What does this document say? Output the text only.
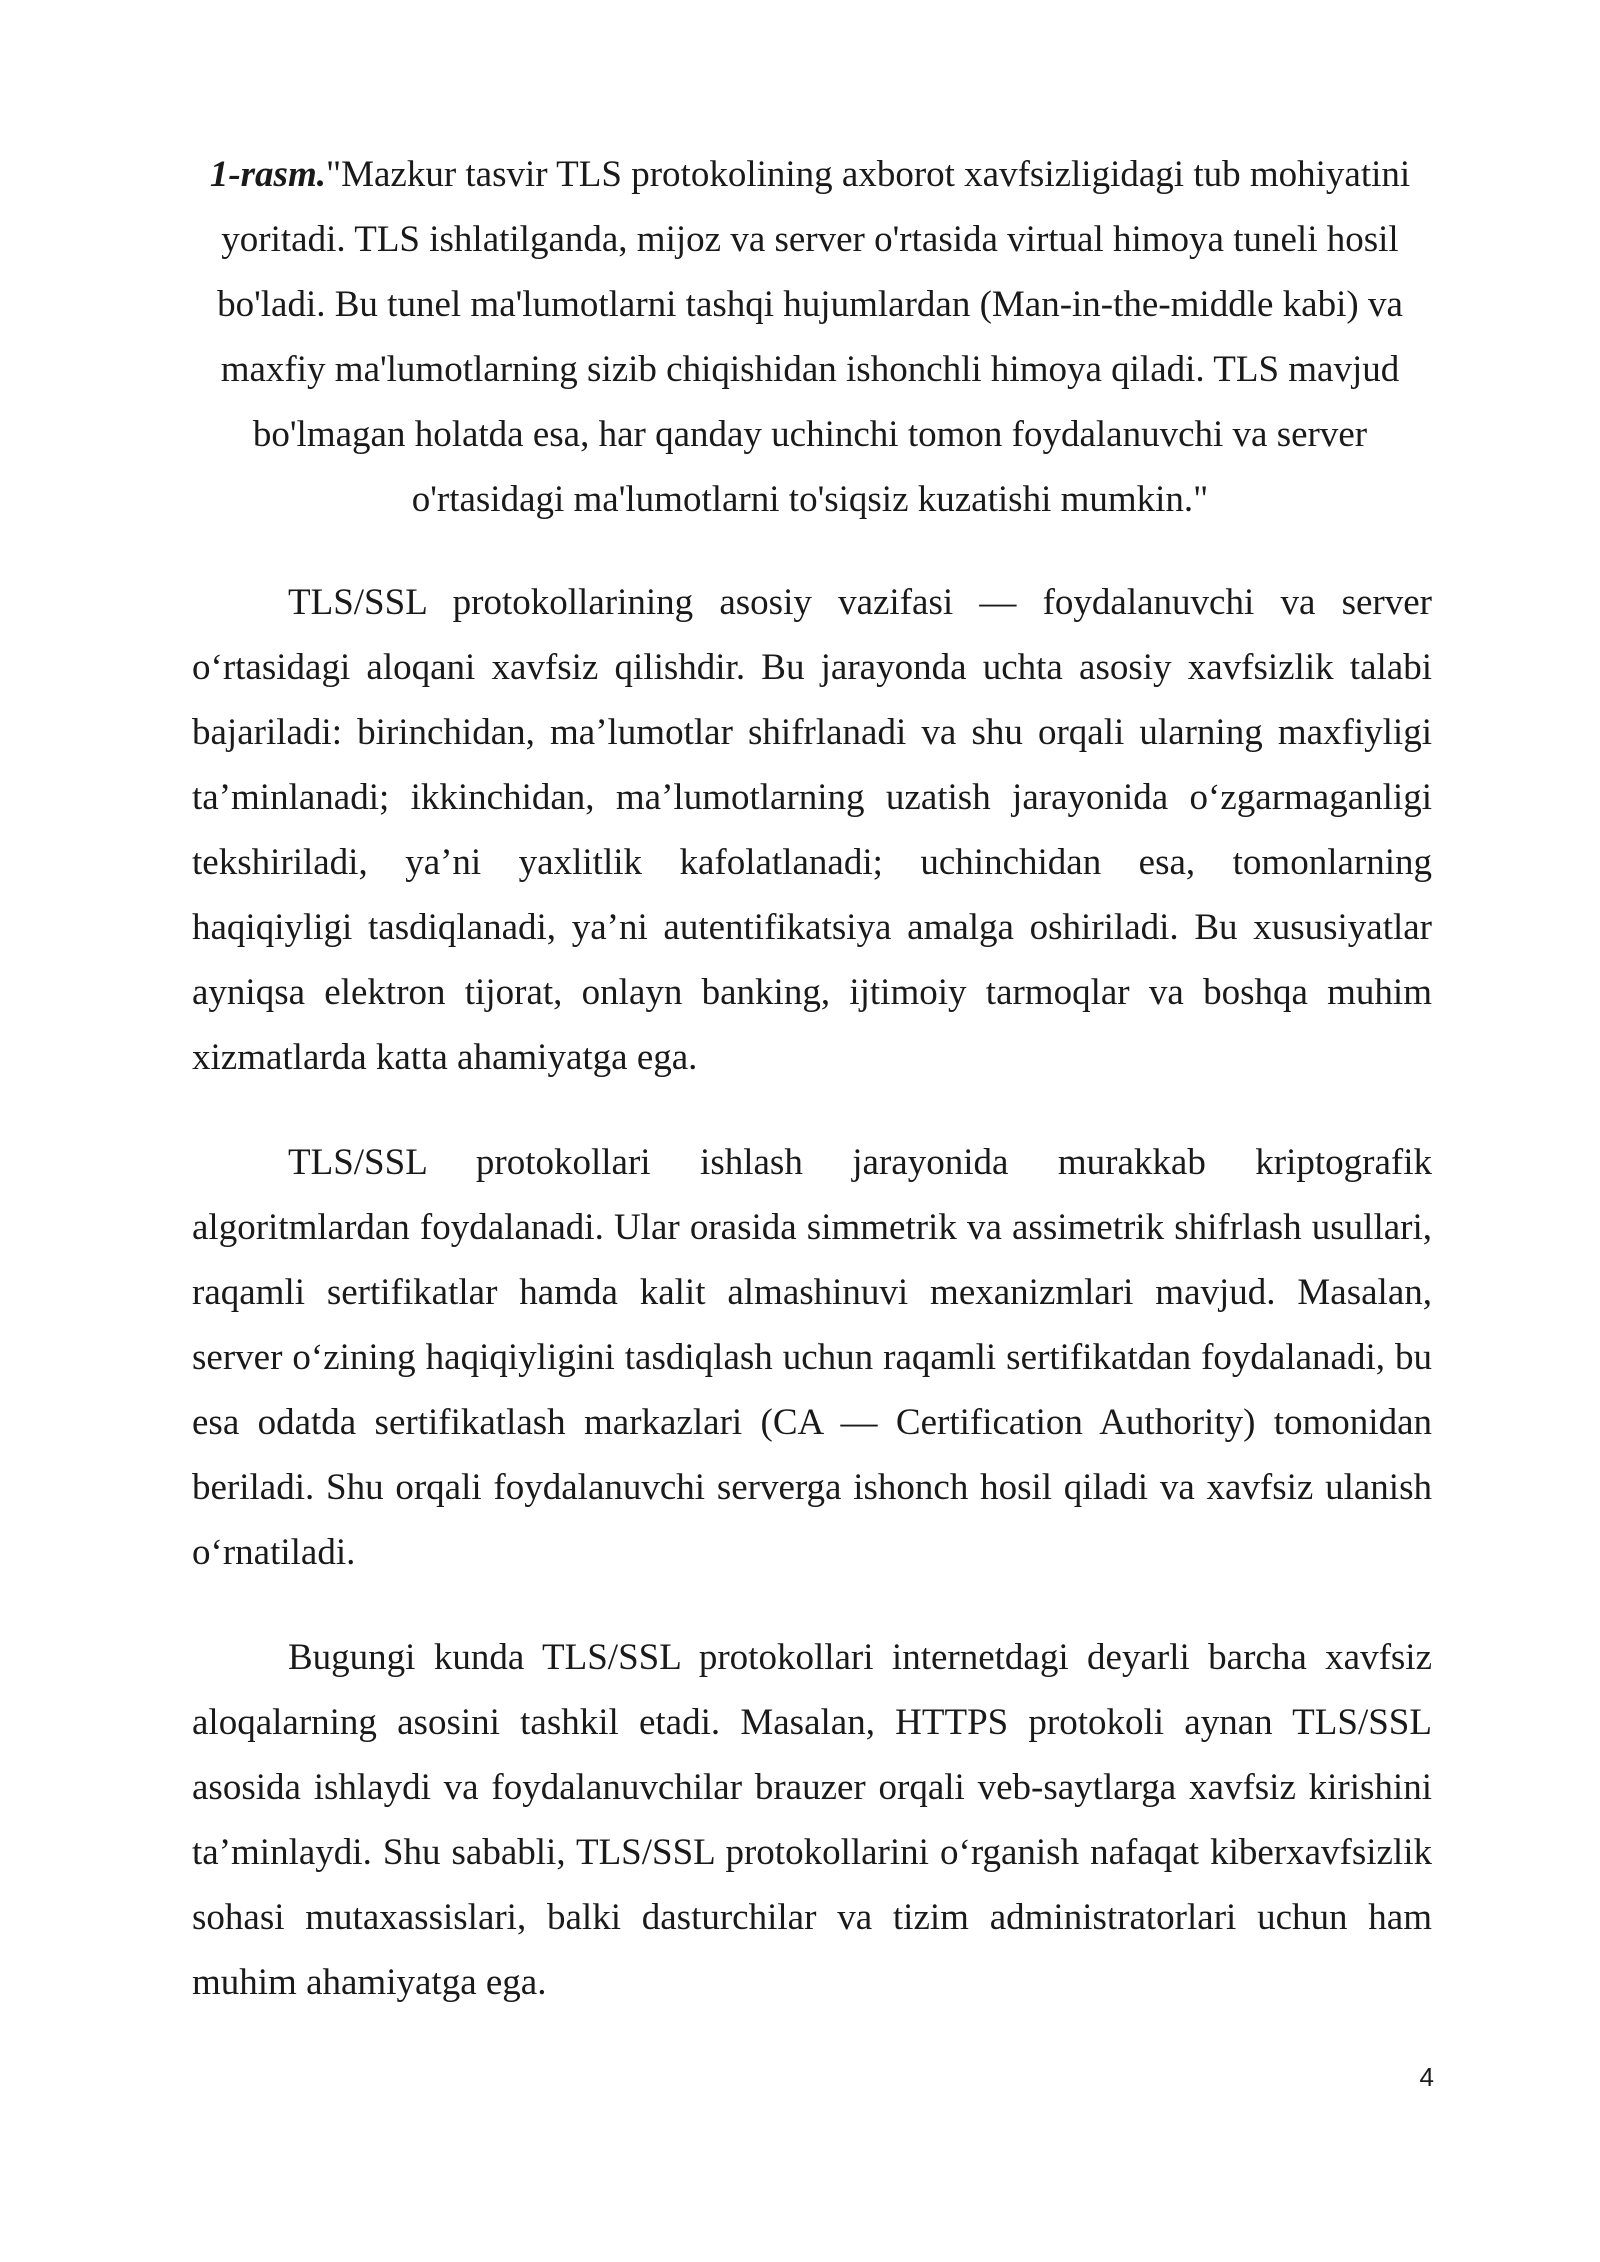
1-rasm."Mazkur tasvir TLS protokolining axborot xavfsizligidagi tub mohiyatini yoritadi. TLS ishlatilganda, mijoz va server o'rtasida virtual himoya tuneli hosil bo'ladi. Bu tunel ma'lumotlarni tashqi hujumlardan (Man-in-the-middle kabi) va maxfiy ma'lumotlarning sizib chiqishidan ishonchli himoya qiladi. TLS mavjud bo'lmagan holatda esa, har qanday uchinchi tomon foydalanuvchi va server o'rtasidagi ma'lumotlarni to'siqsiz kuzatishi mumkin."

TLS/SSL protokollarining asosiy vazifasi — foydalanuvchi va server o‘rtasidagi aloqani xavfsiz qilishdir. Bu jarayonda uchta asosiy xavfsizlik talabi bajariladi: birinchidan, ma’lumotlar shifrlanadi va shu orqali ularning maxfiyligi ta’minlanadi; ikkinchidan, ma’lumotlarning uzatish jarayonida o‘zgarmaganligi tekshiriladi, ya’ni yaxlitlik kafolatlanadi; uchinchidan esa, tomonlarning haqiqiyligi tasdiqlanadi, ya’ni autentifikatsiya amalga oshiriladi. Bu xususiyatlar ayniqsa elektron tijorat, onlayn banking, ijtimoiy tarmoqlar va boshqa muhim xizmatlarda katta ahamiyatga ega.

TLS/SSL protokollari ishlash jarayonida murakkab kriptografik algoritmlardan foydalanadi. Ular orasida simmetrik va assimetrik shifrlash usullari, raqamli sertifikatlar hamda kalit almashinuvi mexanizmlari mavjud. Masalan, server o‘zining haqiqiyligini tasdiqlash uchun raqamli sertifikatdan foydalanadi, bu esa odatda sertifikatlash markazlari (CA — Certification Authority) tomonidan beriladi. Shu orqali foydalanuvchi serverga ishonch hosil qiladi va xavfsiz ulanish o‘rnatiladi.

Bugungi kunda TLS/SSL protokollari internetdagi deyarli barcha xavfsiz aloqalarning asosini tashkil etadi. Masalan, HTTPS protokoli aynan TLS/SSL asosida ishlaydi va foydalanuvchilar brauzer orqali veb-saytlarga xavfsiz kirishini ta’minlaydi. Shu sababli, TLS/SSL protokollarini o‘rganish nafaqat kiberxavfsizlik sohasi mutaxassislari, balki dasturchilar va tizim administratorlari uchun ham muhim ahamiyatga ega.

4
